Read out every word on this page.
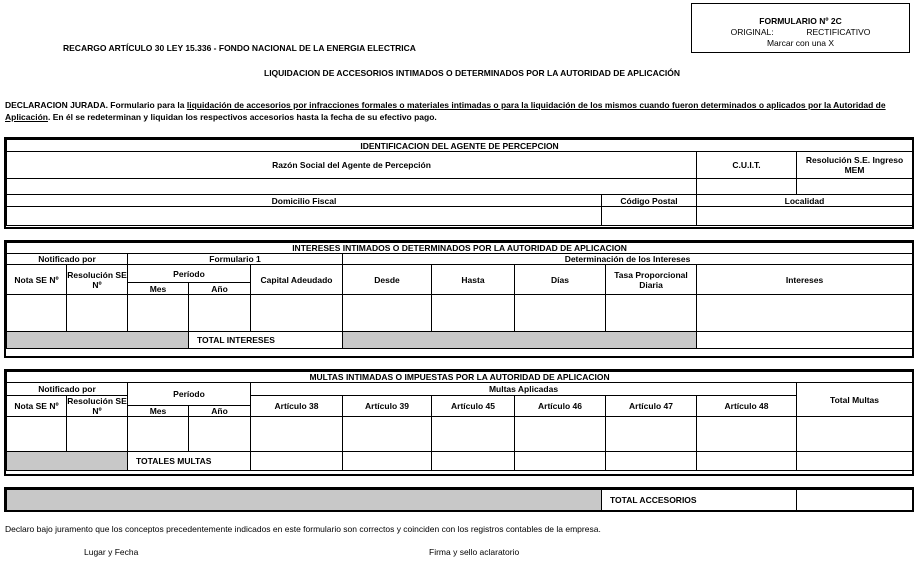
FORMULARIO Nº 2C
ORIGINAL:	RECTIFICATIVO
Marcar con una X
RECARGO ARTÍCULO 30 LEY 15.336 - FONDO NACIONAL DE LA ENERGIA ELECTRICA
LIQUIDACION DE ACCESORIOS INTIMADOS O DETERMINADOS POR LA AUTORIDAD DE APLICACIÓN
DECLARACION JURADA. Formulario para la liquidación de accesorios por infracciones formales o materiales intimadas o para la liquidación de los mismos cuando fueron determinados o aplicados por la Autoridad de Aplicación. En él se redeterminan y liquidan los respectivos accesorios hasta la fecha de su efectivo pago.
IDENTIFICACION DEL AGENTE DE PERCEPCION			
Razón Social del Agente de Percepción		C.U.I.T.	Resolución S.E. Ingreso MEM

Domicilio Fiscal	Código Postal	Localidad	

INTERESES INTIMADOS O DETERMINADOS POR LA AUTORIDAD DE APLICACION									
Notificado por		Formulario 1			Determinación de los Intereses				
Nota SE Nº	Resolución SE Nº	Período		Capital Adeudado	Desde	Hasta	Días	Tasa Proporcional Diaria	Intereses
		Mes	Año						

			TOTAL INTERESES						
MULTAS INTIMADAS O IMPUESTAS POR LA AUTORIDAD DE APLICACION										
Notificado por		Período		Multas Aplicadas						Total Multas
Nota SE Nº	Resolución SE Nº			Artículo 38	Artículo 39	Artículo 45	Artículo 46	Artículo 47	Artículo 48	
		Mes	Año							

		TOTALES MULTAS								
	TOTAL ACCESORIOS	
Declaro bajo juramento que los conceptos precedentemente indicados en este formulario son correctos y coinciden con los registros contables de la empresa.
Lugar y Fecha	Firma y sello aclaratorio
